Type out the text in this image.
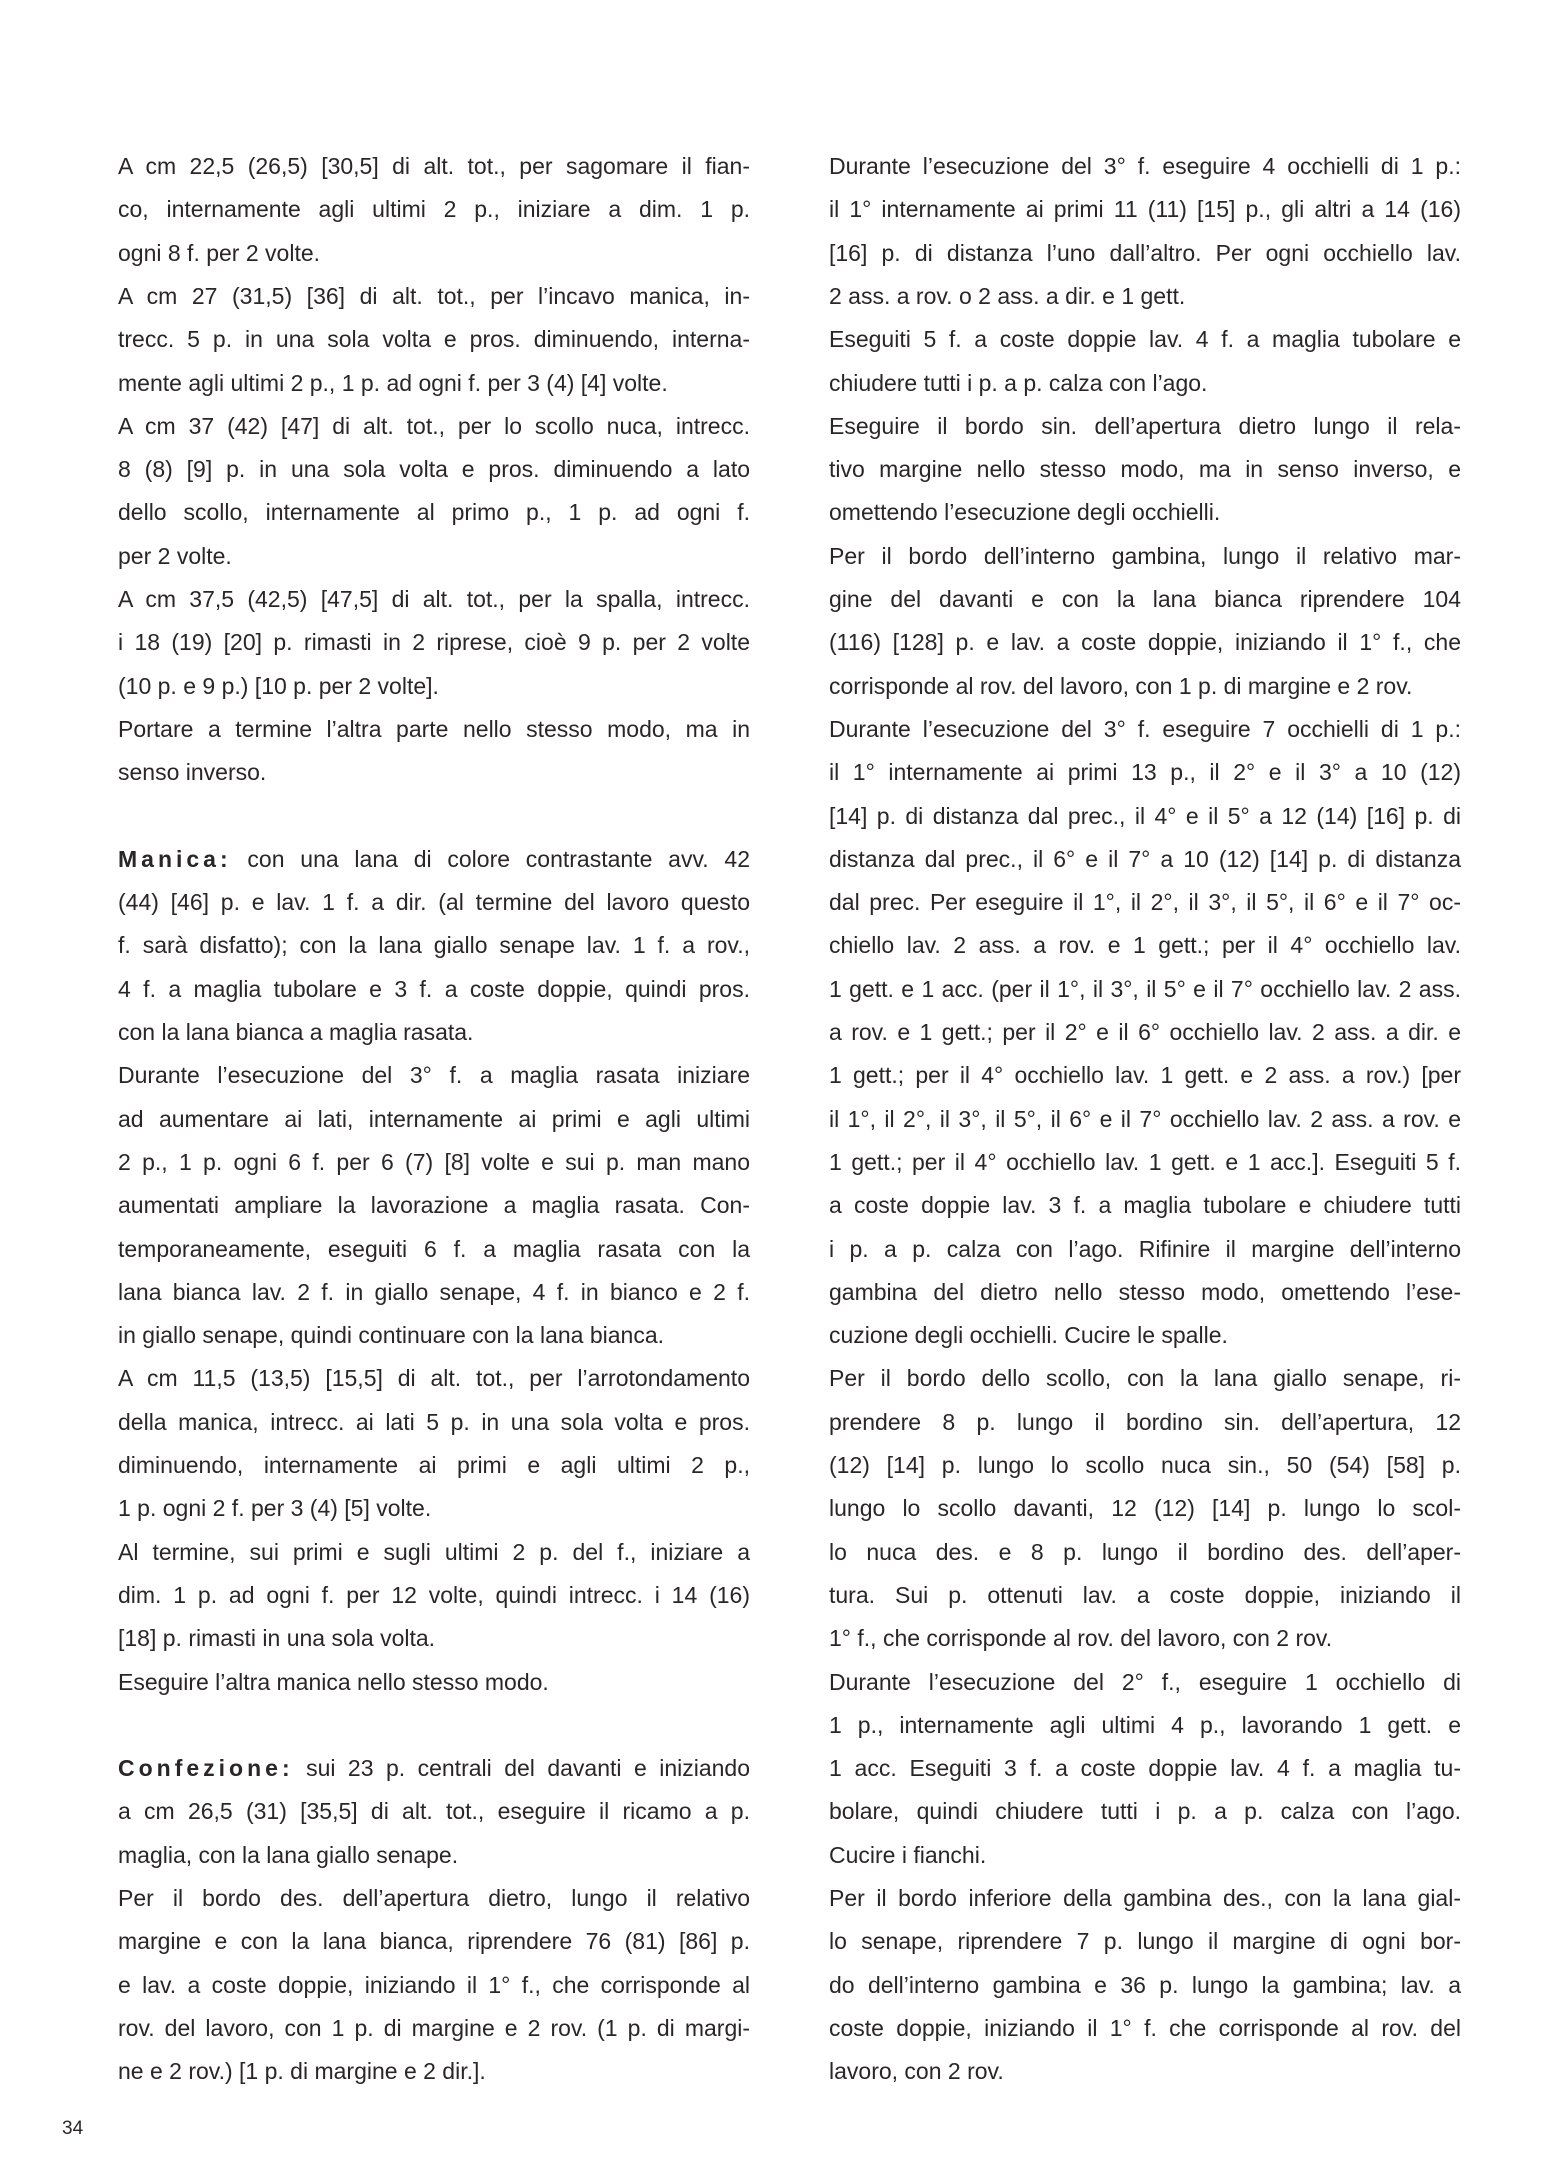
A cm 22,5 (26,5) [30,5] di alt. tot., per sagomare il fian-
co, internamente agli ultimi 2 p., iniziare a dim. 1 p.
ogni 8 f. per 2 volte.
A cm 27 (31,5) [36] di alt. tot., per l’incavo manica, in-
trecc. 5 p. in una sola volta e pros. diminuendo, interna-
mente agli ultimi 2 p., 1 p. ad ogni f. per 3 (4) [4] volte.
A cm 37 (42) [47] di alt. tot., per lo scollo nuca, intrecc.
8 (8) [9] p. in una sola volta e pros. diminuendo a lato
dello scollo, internamente al primo p., 1 p. ad ogni f.
per 2 volte.
A cm 37,5 (42,5) [47,5] di alt. tot., per la spalla, intrecc.
i 18 (19) [20] p. rimasti in 2 riprese, cioè 9 p. per 2 volte
(10 p. e 9 p.) [10 p. per 2 volte].
Portare a termine l’altra parte nello stesso modo, ma in
senso inverso.
Manica: con una lana di colore contrastante avv. 42
(44) [46] p. e lav. 1 f. a dir. (al termine del lavoro questo
f. sarà disfatto); con la lana giallo senape lav. 1 f. a rov.,
4 f. a maglia tubolare e 3 f. a coste doppie, quindi pros.
con la lana bianca a maglia rasata.
Durante l’esecuzione del 3° f. a maglia rasata iniziare
ad aumentare ai lati, internamente ai primi e agli ultimi
2 p., 1 p. ogni 6 f. per 6 (7) [8] volte e sui p. man mano
aumentati ampliare la lavorazione a maglia rasata. Con-
temporaneamente, eseguiti 6 f. a maglia rasata con la
lana bianca lav. 2 f. in giallo senape, 4 f. in bianco e 2 f.
in giallo senape, quindi continuare con la lana bianca.
A cm 11,5 (13,5) [15,5] di alt. tot., per l’arrotondamento
della manica, intrecc. ai lati 5 p. in una sola volta e pros.
diminuendo, internamente ai primi e agli ultimi 2 p.,
1 p. ogni 2 f. per 3 (4) [5] volte.
Al termine, sui primi e sugli ultimi 2 p. del f., iniziare a
dim. 1 p. ad ogni f. per 12 volte, quindi intrecc. i 14 (16)
[18] p. rimasti in una sola volta.
Eseguire l’altra manica nello stesso modo.
Confezione: sui 23 p. centrali del davanti e iniziando
a cm 26,5 (31) [35,5] di alt. tot., eseguire il ricamo a p.
maglia, con la lana giallo senape.
Per il bordo des. dell’apertura dietro, lungo il relativo
margine e con la lana bianca, riprendere 76 (81) [86] p.
e lav. a coste doppie, iniziando il 1° f., che corrisponde al
rov. del lavoro, con 1 p. di margine e 2 rov. (1 p. di margi-
ne e 2 rov.) [1 p. di margine e 2 dir.].
Durante l’esecuzione del 3° f. eseguire 4 occhielli di 1 p.:
il 1° internamente ai primi 11 (11) [15] p., gli altri a 14 (16)
[16] p. di distanza l’uno dall’altro. Per ogni occhiello lav.
2 ass. a rov. o 2 ass. a dir. e 1 gett.
Eseguiti 5 f. a coste doppie lav. 4 f. a maglia tubolare e
chiudere tutti i p. a p. calza con l’ago.
Eseguire il bordo sin. dell’apertura dietro lungo il rela-
tivo margine nello stesso modo, ma in senso inverso, e
omettendo l’esecuzione degli occhielli.
Per il bordo dell’interno gambina, lungo il relativo mar-
gine del davanti e con la lana bianca riprendere 104
(116) [128] p. e lav. a coste doppie, iniziando il 1° f., che
corrisponde al rov. del lavoro, con 1 p. di margine e 2 rov.
Durante l’esecuzione del 3° f. eseguire 7 occhielli di 1 p.:
il 1° internamente ai primi 13 p., il 2° e il 3° a 10 (12)
[14] p. di distanza dal prec., il 4° e il 5° a 12 (14) [16] p. di
distanza dal prec., il 6° e il 7° a 10 (12) [14] p. di distanza
dal prec. Per eseguire il 1°, il 2°, il 3°, il 5°, il 6° e il 7° oc-
chiello lav. 2 ass. a rov. e 1 gett.; per il 4° occhiello lav.
1 gett. e 1 acc. (per il 1°, il 3°, il 5° e il 7° occhiello lav. 2 ass.
a rov. e 1 gett.; per il 2° e il 6° occhiello lav. 2 ass. a dir. e
1 gett.; per il 4° occhiello lav. 1 gett. e 2 ass. a rov.) [per
il 1°, il 2°, il 3°, il 5°, il 6° e il 7° occhiello lav. 2 ass. a rov. e
1 gett.; per il 4° occhiello lav. 1 gett. e 1 acc.]. Eseguiti 5 f.
a coste doppie lav. 3 f. a maglia tubolare e chiudere tutti
i p. a p. calza con l’ago. Rifinire il margine dell’interno
gambina del dietro nello stesso modo, omettendo l’ese-
cuzione degli occhielli. Cucire le spalle.
Per il bordo dello scollo, con la lana giallo senape, ri-
prendere 8 p. lungo il bordino sin. dell’apertura, 12
(12) [14] p. lungo lo scollo nuca sin., 50 (54) [58] p.
lungo lo scollo davanti, 12 (12) [14] p. lungo lo scol-
lo nuca des. e 8 p. lungo il bordino des. dell’aper-
tura. Sui p. ottenuti lav. a coste doppie, iniziando il
1° f., che corrisponde al rov. del lavoro, con 2 rov.
Durante l’esecuzione del 2° f., eseguire 1 occhiello di
1 p., internamente agli ultimi 4 p., lavorando 1 gett. e
1 acc. Eseguiti 3 f. a coste doppie lav. 4 f. a maglia tu-
bolare, quindi chiudere tutti i p. a p. calza con l’ago.
Cucire i fianchi.
Per il bordo inferiore della gambina des., con la lana gial-
lo senape, riprendere 7 p. lungo il margine di ogni bor-
do dell’interno gambina e 36 p. lungo la gambina; lav. a
coste doppie, iniziando il 1° f. che corrisponde al rov. del
lavoro, con 2 rov.
34
